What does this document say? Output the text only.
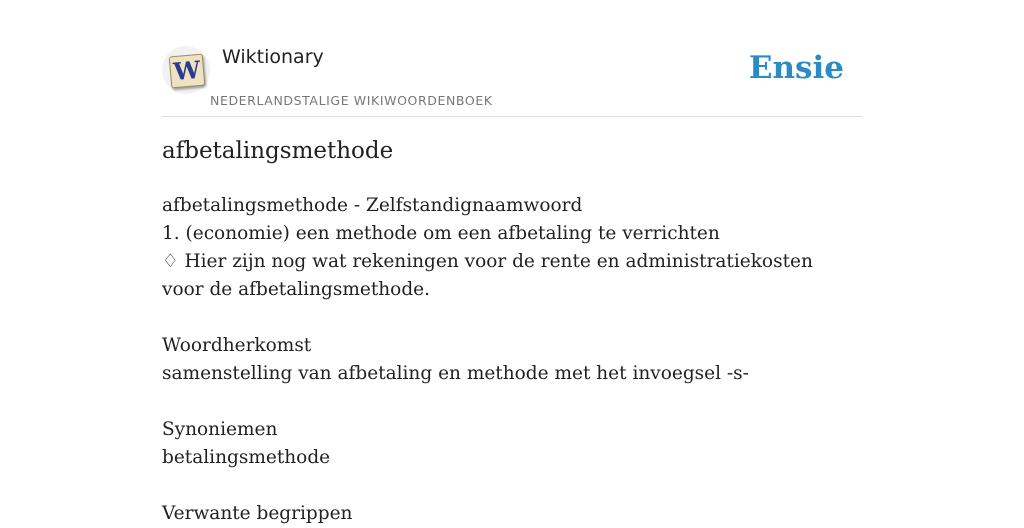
W Wiktionary
NEDERLANDSTALIGE WIKIWOORDENBOEK
Ensie
afbetalingsmethode

afbetalingsmethode - Zelfstandignaamwoord

1. (economie) een methode om een afbetaling te verrichten

♢ Hier zijn nog wat rekeningen voor de rente en administratiekosten voor de afbetalingsmethode.

Woordherkomst

samenstelling van afbetaling en methode met het invoegsel -s-

Synoniemen

betalingsmethode

Verwante begrippen
